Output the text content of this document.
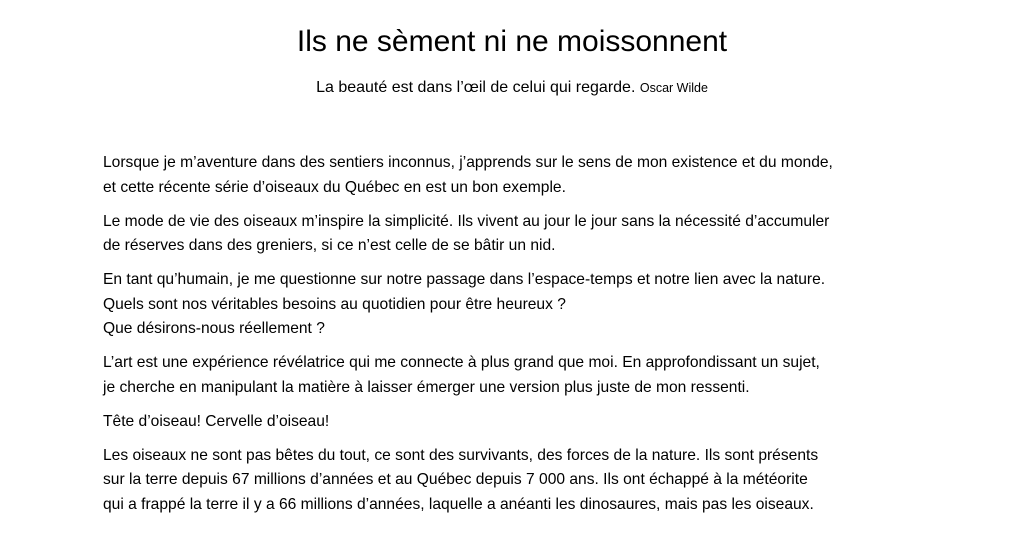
Ils ne sèment ni ne moissonnent
La beauté est dans l’œil de celui qui regarde. Oscar Wilde

Lorsque je m’aventure dans des sentiers inconnus, j’apprends sur le sens de mon existence et du monde,
et cette récente série d’oiseaux du Québec en est un bon exemple.

Le mode de vie des oiseaux m’inspire la simplicité. Ils vivent au jour le jour sans la nécessité d’accumuler
de réserves dans des greniers, si ce n’est celle de se bâtir un nid.

En tant qu’humain, je me questionne sur notre passage dans l’espace-temps et notre lien avec la nature.
Quels sont nos véritables besoins au quotidien pour être heureux ?
Que désirons-nous réellement ?

L’art est une expérience révélatrice qui me connecte à plus grand que moi. En approfondissant un sujet,
je cherche en manipulant la matière à laisser émerger une version plus juste de mon ressenti.

Tête d’oiseau! Cervelle d’oiseau!

Les oiseaux ne sont pas bêtes du tout, ce sont des survivants, des forces de la nature. Ils sont présents
sur la terre depuis 67 millions d’années et au Québec depuis 7 000 ans. Ils ont échappé à la météorite
qui a frappé la terre il y a 66 millions d’années, laquelle a anéanti les dinosaures, mais pas les oiseaux.
